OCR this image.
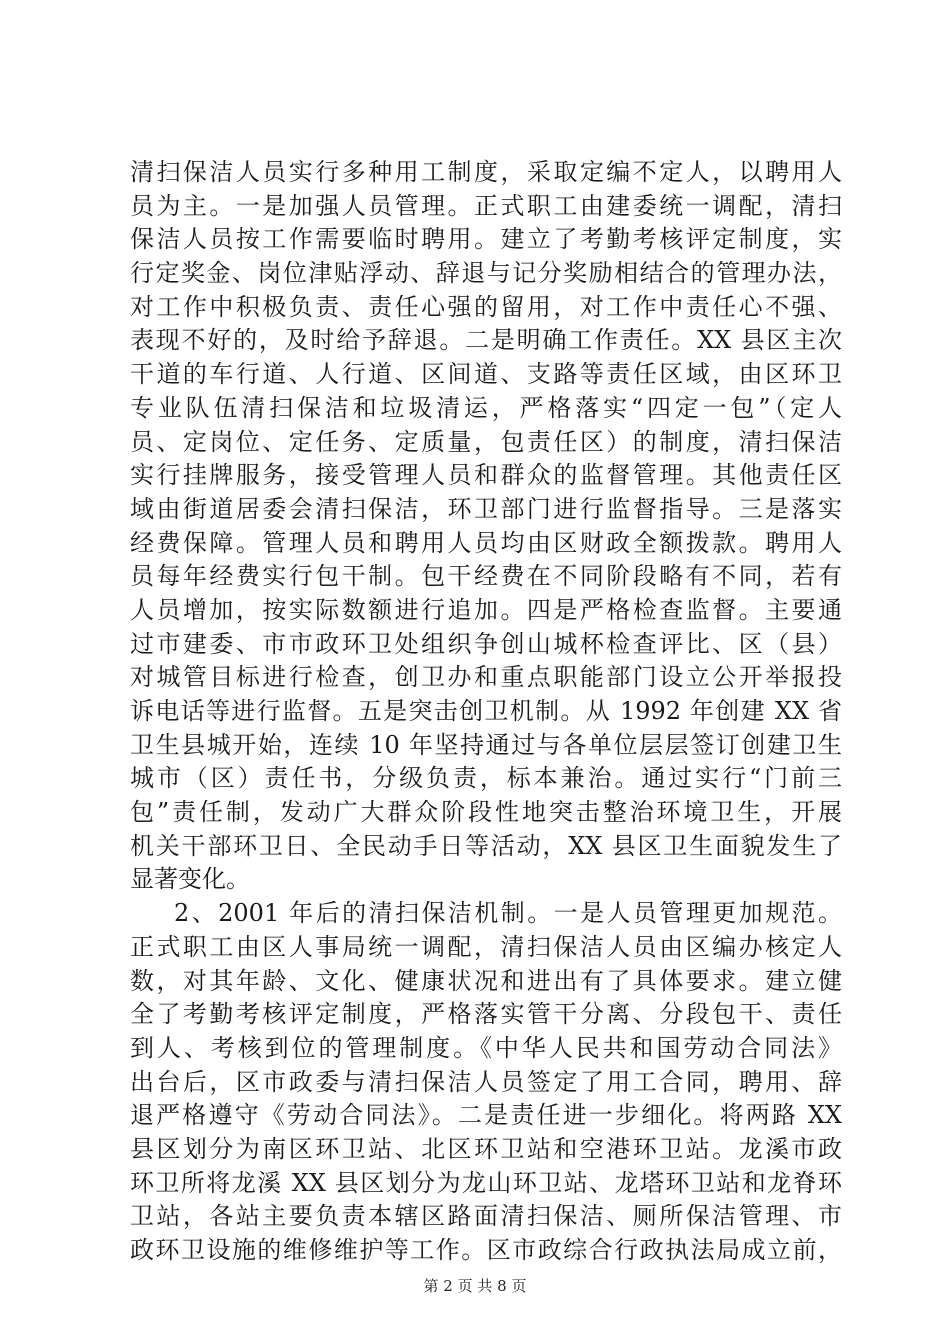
清扫保洁人员实行多种用工制度，采取定编不定人，以聘用人
员为主。一是加强人员管理。正式职工由建委统一调配，清扫
保洁人员按工作需要临时聘用。建立了考勤考核评定制度，实
行定奖金、岗位津贴浮动、辞退与记分奖励相结合的管理办法，
对工作中积极负责、责任心强的留用，对工作中责任心不强、
表现不好的，及时给予辞退。二是明确工作责任。XX 县区主次
干道的车行道、人行道、区间道、支路等责任区域，由区环卫
专业队伍清扫保洁和垃圾清运，严格落实“四定一包”（定人
员、定岗位、定任务、定质量，包责任区）的制度，清扫保洁
实行挂牌服务，接受管理人员和群众的监督管理。其他责任区
域由街道居委会清扫保洁，环卫部门进行监督指导。三是落实
经费保障。管理人员和聘用人员均由区财政全额拨款。聘用人
员每年经费实行包干制。包干经费在不同阶段略有不同，若有
人员增加，按实际数额进行追加。四是严格检查监督。主要通
过市建委、市市政环卫处组织争创山城杯检查评比、区（县）
对城管目标进行检查，创卫办和重点职能部门设立公开举报投
诉电话等进行监督。五是突击创卫机制。从 1992 年创建 XX 省
卫生县城开始，连续 10 年坚持通过与各单位层层签订创建卫生
城市（区）责任书，分级负责，标本兼治。通过实行“门前三
包”责任制，发动广大群众阶段性地突击整治环境卫生，开展
机关干部环卫日、全民动手日等活动，XX 县区卫生面貌发生了
显著变化。
2、2001 年后的清扫保洁机制。一是人员管理更加规范。
正式职工由区人事局统一调配，清扫保洁人员由区编办核定人
数，对其年龄、文化、健康状况和进出有了具体要求。建立健
全了考勤考核评定制度，严格落实管干分离、分段包干、责任
到人、考核到位的管理制度。《中华人民共和国劳动合同法》
出台后，区市政委与清扫保洁人员签定了用工合同，聘用、辞
退严格遵守《劳动合同法》。二是责任进一步细化。将两路 XX
县区划分为南区环卫站、北区环卫站和空港环卫站。龙溪市政
环卫所将龙溪 XX 县区划分为龙山环卫站、龙塔环卫站和龙脊环
卫站，各站主要负责本辖区路面清扫保洁、厕所保洁管理、市
政环卫设施的维修维护等工作。区市政综合行政执法局成立前，
第 2 页 共 8 页
